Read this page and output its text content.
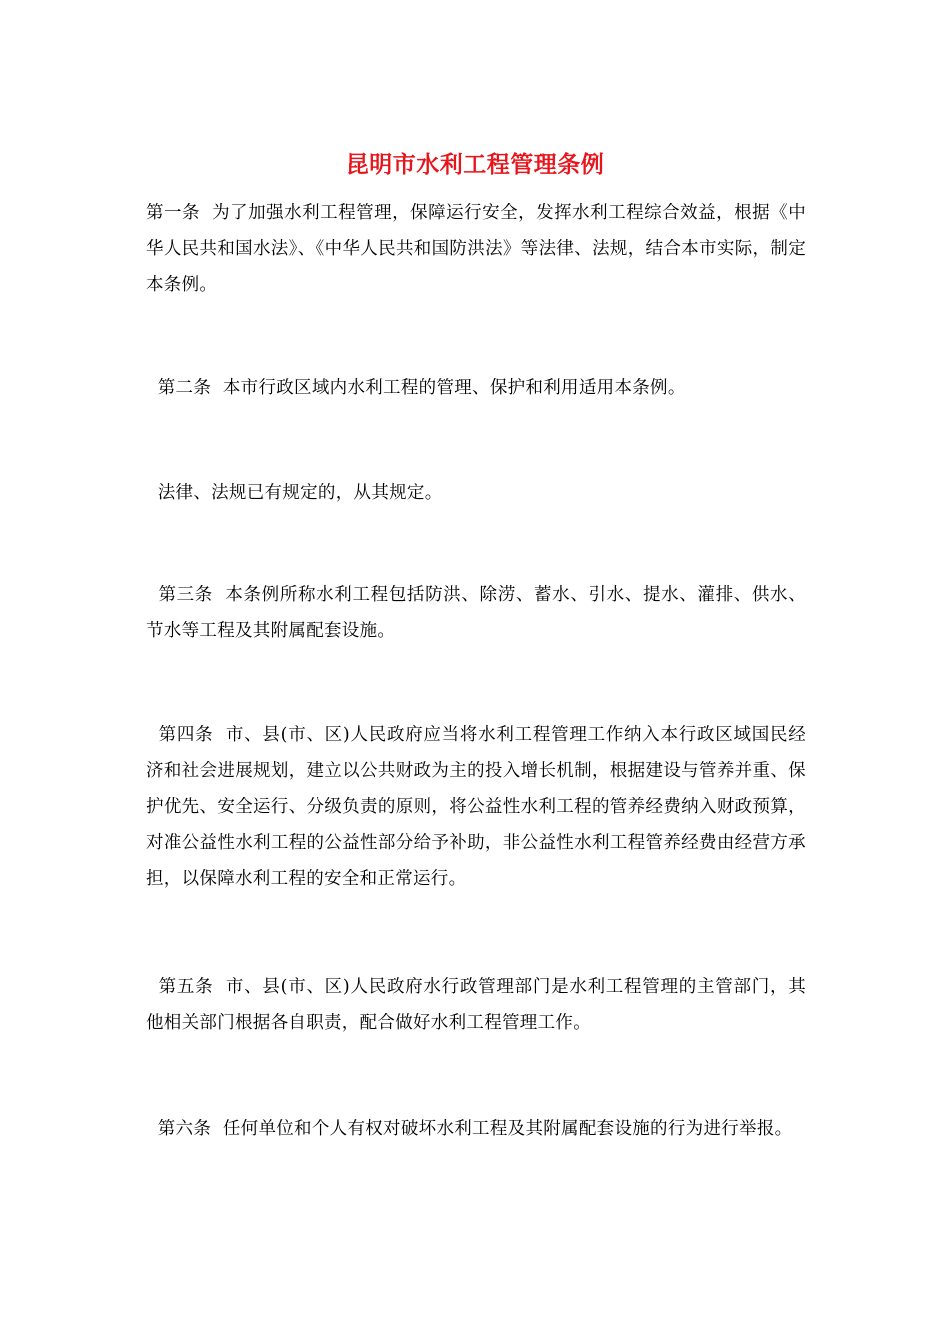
昆明市水利工程管理条例

第一条  为了加强水利工程管理，保障运行安全，发挥水利工程综合效益，根据《中华人民共和国水法》、《中华人民共和国防洪法》等法律、法规，结合本市实际，制定本条例。

第二条  本市行政区域内水利工程的管理、保护和利用适用本条例。

法律、法规已有规定的，从其规定。

第三条  本条例所称水利工程包括防洪、除涝、蓄水、引水、提水、灌排、供水、节水等工程及其附属配套设施。

第四条  市、县(市、区)人民政府应当将水利工程管理工作纳入本行政区域国民经济和社会进展规划，建立以公共财政为主的投入增长机制，根据建设与管养并重、保护优先、安全运行、分级负责的原则，将公益性水利工程的管养经费纳入财政预算，对准公益性水利工程的公益性部分给予补助，非公益性水利工程管养经费由经营方承担，以保障水利工程的安全和正常运行。

第五条  市、县(市、区)人民政府水行政管理部门是水利工程管理的主管部门，其他相关部门根据各自职责，配合做好水利工程管理工作。

第六条  任何单位和个人有权对破坏水利工程及其附属配套设施的行为进行举报。
